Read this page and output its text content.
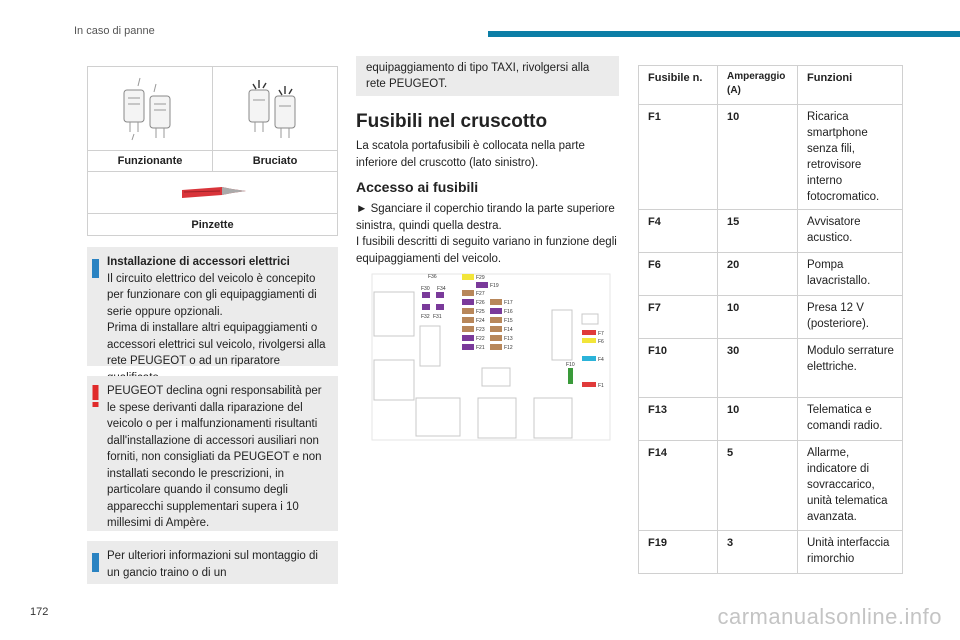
In caso di panne
Funzionante	Bruciato
Pinzette
Installazione di accessori elettrici
Il circuito elettrico del veicolo è concepito per funzionare con gli equipaggiamenti di serie oppure opzionali.
Prima di installare altri equipaggiamenti o accessori elettrici sul veicolo, rivolgersi alla rete PEUGEOT o ad un riparatore
PEUGEOT declina ogni responsabilità per le spese derivanti dalla riparazione del veicolo o per i malfunzionamenti risultanti dall'installazione di accessori ausiliari non forniti, non consigliati da PEUGEOT e non installati secondo le prescrizioni, in particolare quando il consumo degli apparecchi supplementari supera i 10 millesimi di Ampère.
Per ulteriori informazioni sul montaggio di un gancio traino o di un
equipaggiamento di tipo TAXI, rivolgersi alla rete PEUGEOT.
Fusibili nel cruscotto
La scatola portafusibili è collocata nella parte inferiore del cruscotto (lato sinistro).
Accesso ai fusibili
► Sganciare il coperchio tirando la parte superiore sinistra, quindi quella destra.
I fusibili descritti di seguito variano in funzione degli equipaggiamenti del veicolo.
F36
F30 F34
F32 F31
F29
F19
F27
F26
F25
F24
F23
F22
F21
F17
F16
F15
F14
F13
F12
F7
F6
F4
F10
F1
Fusibile n.	Amperaggio (A)	Funzioni
F1	10	Ricarica smartphone senza fili, retrovisore interno fotocromatico.
F4	15	Avvisatore acustico.
F6	20	Pompa lavacristallo.
F7	10	Presa 12 V (posteriore).
F10	30	Modulo serrature elettriche.
F13	10	Telematica e comandi radio.
F14	5	Allarme, indicatore di sovraccarico, unità telematica avanzata.
F19	3	Unità interfaccia rimorchio
172	carmanualsonline.info
